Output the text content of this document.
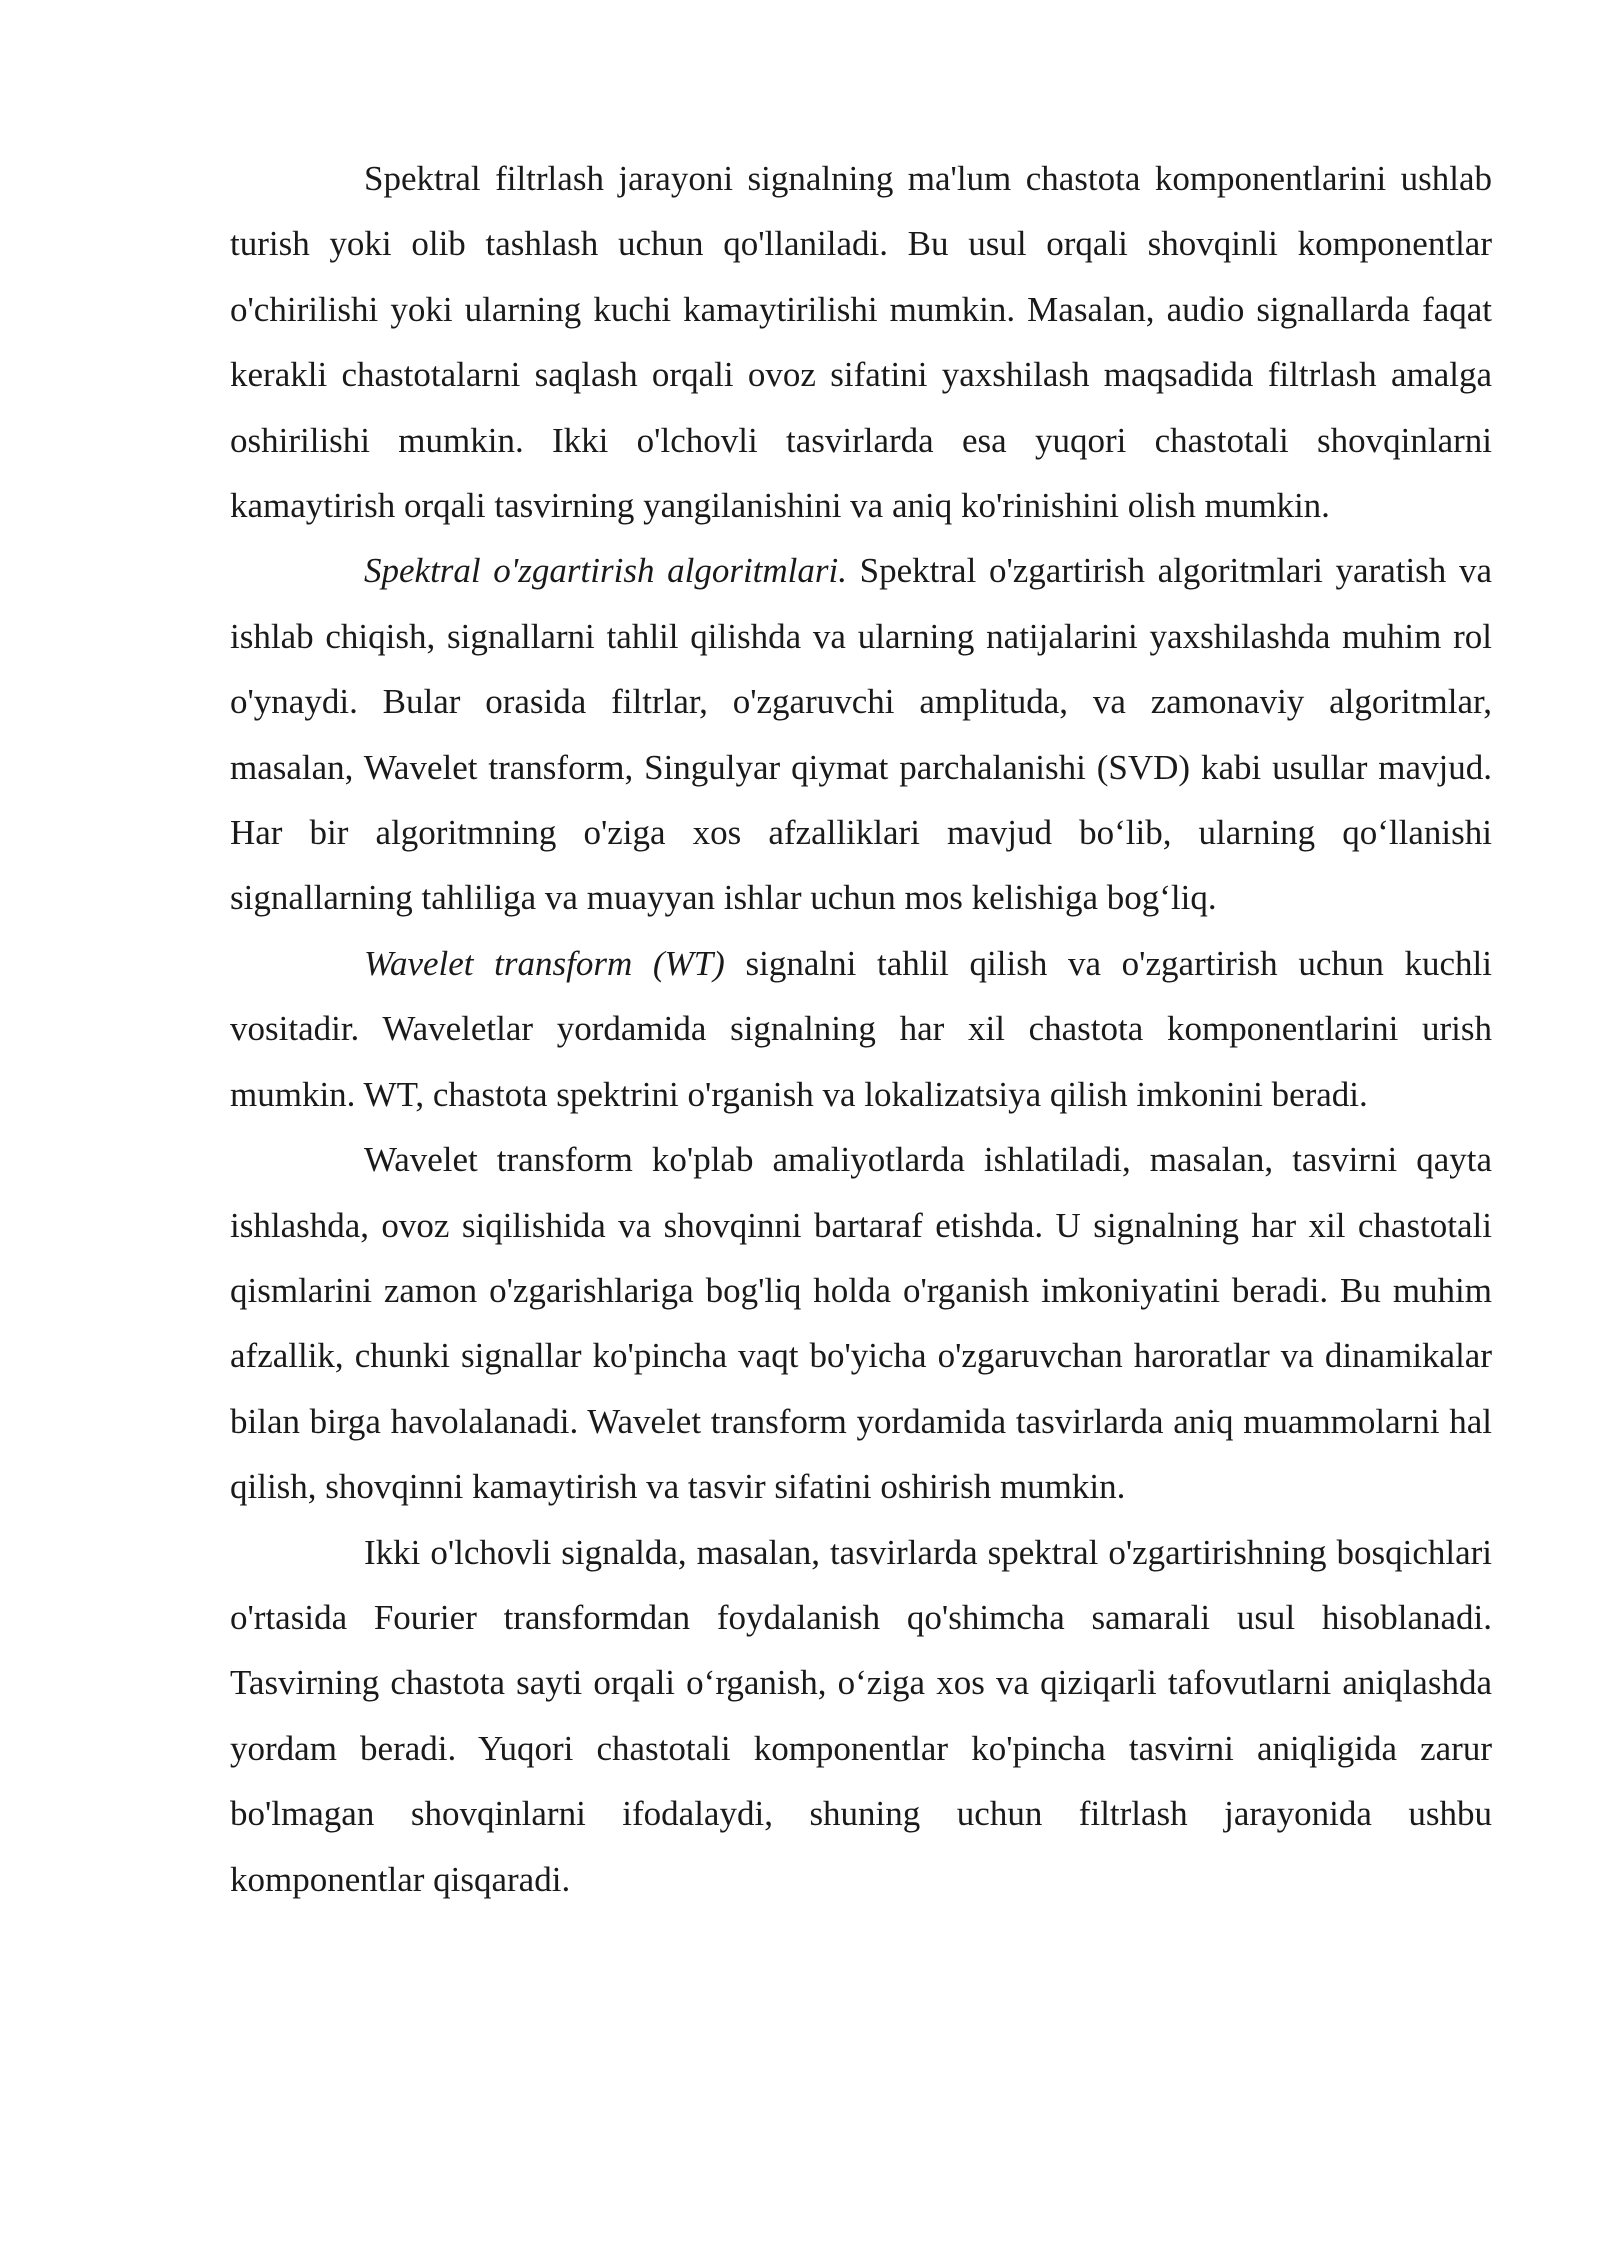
Spektral filtrlash jarayoni signalning ma'lum chastota komponentlarini ushlab turish yoki olib tashlash uchun qo'llaniladi. Bu usul orqali shovqinli komponentlar o'chirilishi yoki ularning kuchi kamaytirilishi mumkin. Masalan, audio signallarda faqat kerakli chastotalarni saqlash orqali ovoz sifatini yaxshilash maqsadida filtrlash amalga oshirilishi mumkin. Ikki o'lchovli tasvirlarda esa yuqori chastotali shovqinlarni kamaytirish orqali tasvirning yangilanishini va aniq ko'rinishini olish mumkin.

Spektral o'zgartirish algoritmlari. Spektral o'zgartirish algoritmlari yaratish va ishlab chiqish, signallarni tahlil qilishda va ularning natijalarini yaxshilashda muhim rol o'ynaydi. Bular orasida filtrlar, o'zgaruvchi amplituda, va zamonaviy algoritmlar, masalan, Wavelet transform, Singulyar qiymat parchalanishi (SVD) kabi usullar mavjud. Har bir algoritmning o'ziga xos afzalliklari mavjud bo‘lib, ularning qo‘llanishi signallarning tahliliga va muayyan ishlar uchun mos kelishiga bog‘liq.

Wavelet transform (WT) signalni tahlil qilish va o'zgartirish uchun kuchli vositadir. Waveletlar yordamida signalning har xil chastota komponentlarini urish mumkin. WT, chastota spektrini o'rganish va lokalizatsiya qilish imkonini beradi.

Wavelet transform ko'plab amaliyotlarda ishlatiladi, masalan, tasvirni qayta ishlashda, ovoz siqilishida va shovqinni bartaraf etishda. U signalning har xil chastotali qismlarini zamon o'zgarishlariga bog'liq holda o'rganish imkoniyatini beradi. Bu muhim afzallik, chunki signallar ko'pincha vaqt bo'yicha o'zgaruvchan haroratlar va dinamikalar bilan birga havolalanadi. Wavelet transform yordamida tasvirlarda aniq muammolarni hal qilish, shovqinni kamaytirish va tasvir sifatini oshirish mumkin.

Ikki o'lchovli signalda, masalan, tasvirlarda spektral o'zgartirishning bosqichlari o'rtasida Fourier transformdan foydalanish qo'shimcha samarali usul hisoblanadi. Tasvirning chastota sayti orqali o‘rganish, o‘ziga xos va qiziqarli tafovutlarni aniqlashda yordam beradi. Yuqori chastotali komponentlar ko'pincha tasvirni aniqligida zarur bo'lmagan shovqinlarni ifodalaydi, shuning uchun filtrlash jarayonida ushbu komponentlar qisqaradi.
